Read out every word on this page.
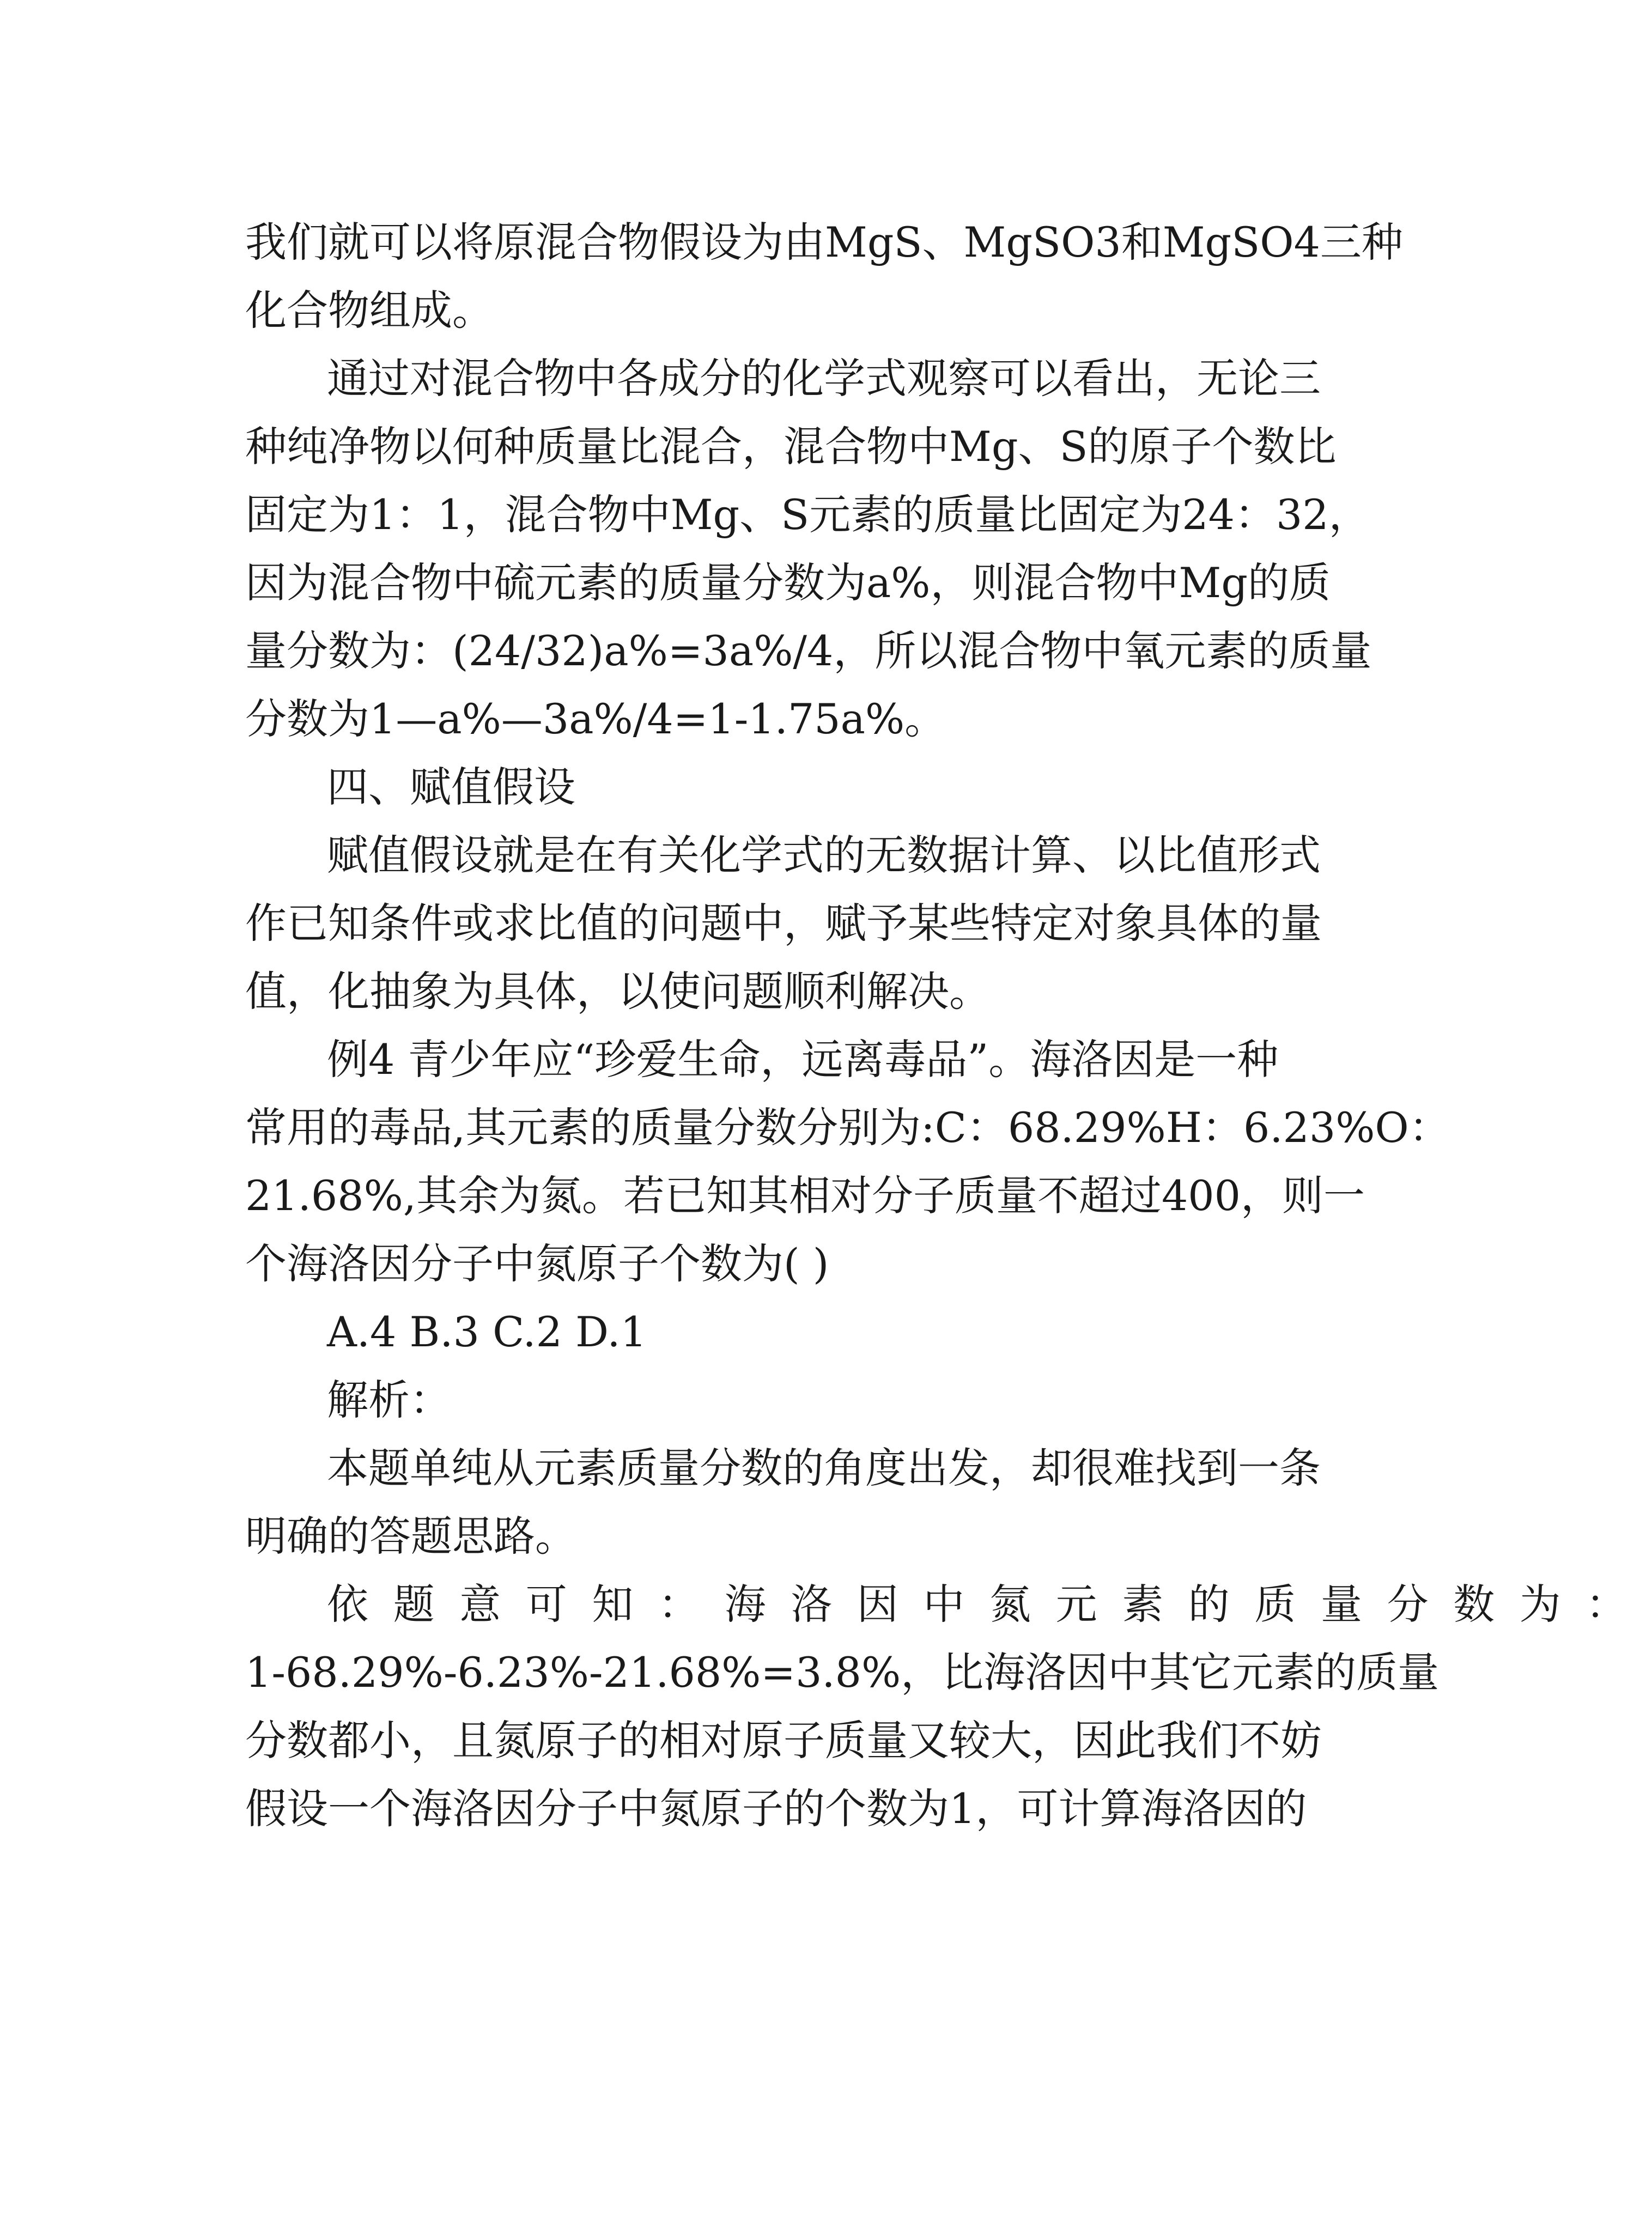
我们就可以将原混合物假设为由MgS、MgSO3和MgSO4三种
化合物组成。
通过对混合物中各成分的化学式观察可以看出，无论三
种纯净物以何种质量比混合，混合物中Mg、S的原子个数比
固定为1：1，混合物中Mg、S元素的质量比固定为24：32，
因为混合物中硫元素的质量分数为a%，则混合物中Mg的质
量分数为：(24/32)a%=3a%/4，所以混合物中氧元素的质量
分数为1—a%—3a%/4=1-1.75a%。
四、赋值假设
赋值假设就是在有关化学式的无数据计算、以比值形式
作已知条件或求比值的问题中，赋予某些特定对象具体的量
值，化抽象为具体，以使问题顺利解决。
例4 青少年应“珍爱生命，远离毒品”。海洛因是一种
常用的毒品,其元素的质量分数分别为:C：68.29%H：6.23%O：
21.68%,其余为氮。若已知其相对分子质量不超过400，则一
个海洛因分子中氮原子个数为( )
A.4 B.3 C.2 D.1
解析：
本题单纯从元素质量分数的角度出发，却很难找到一条
明确的答题思路。
依题意可知：海洛因中氮元素的质量分数为：
1-68.29%-6.23%-21.68%=3.8%，比海洛因中其它元素的质量
分数都小，且氮原子的相对原子质量又较大，因此我们不妨
假设一个海洛因分子中氮原子的个数为1，可计算海洛因的
